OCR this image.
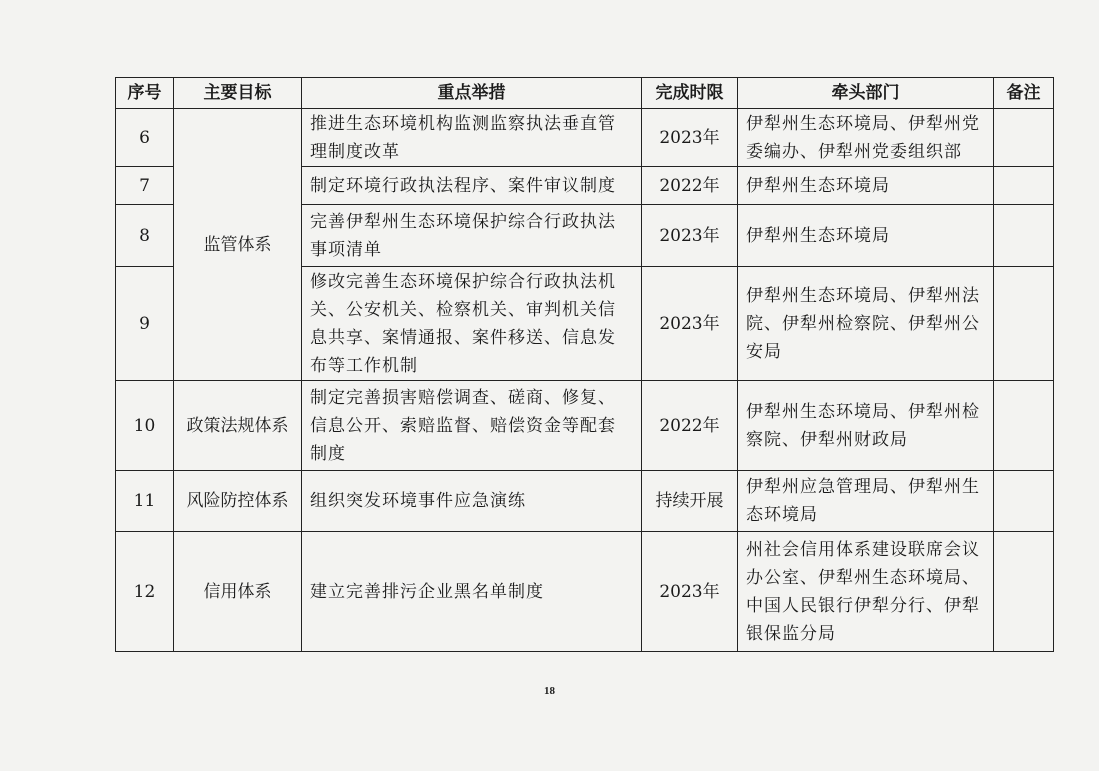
序号	主要目标	重点举措	完成时限	牵头部门	备注
6	监管体系	推进生态环境机构监测监察执法垂直管理制度改革	2023年	伊犁州生态环境局、伊犁州党委编办、伊犁州党委组织部	
7		制定环境行政执法程序、案件审议制度	2022年	伊犁州生态环境局	
8		完善伊犁州生态环境保护综合行政执法事项清单	2023年	伊犁州生态环境局	
9		修改完善生态环境保护综合行政执法机关、公安机关、检察机关、审判机关信息共享、案情通报、案件移送、信息发布等工作机制	2023年	伊犁州生态环境局、伊犁州法院、伊犁州检察院、伊犁州公安局	
10	政策法规体系	制定完善损害赔偿调查、磋商、修复、信息公开、索赔监督、赔偿资金等配套制度	2022年	伊犁州生态环境局、伊犁州检察院、伊犁州财政局	
11	风险防控体系	组织突发环境事件应急演练	持续开展	伊犁州应急管理局、伊犁州生态环境局	
12	信用体系	建立完善排污企业黑名单制度	2023年	州社会信用体系建设联席会议办公室、伊犁州生态环境局、中国人民银行伊犁分行、伊犁银保监分局	
18
